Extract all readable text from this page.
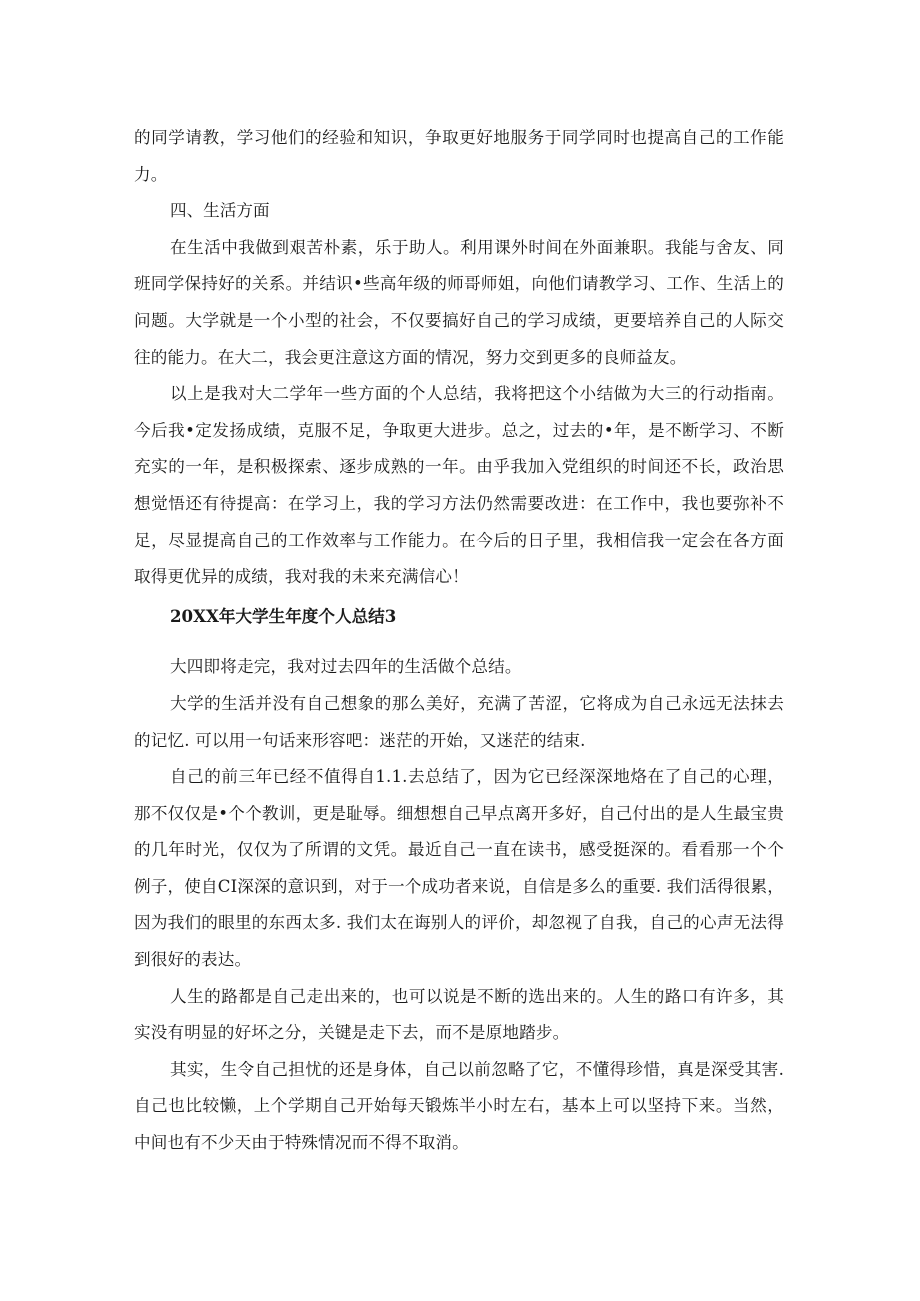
的同学请教，学习他们的经验和知识，争取更好地服务于同学同时也提高自己的工作能力。

四、生活方面

在生活中我做到艰苦朴素，乐于助人。利用课外时间在外面兼职。我能与舍友、同班同学保持好的关系。并结识•些高年级的师哥师姐，向他们请教学习、工作、生活上的问题。大学就是一个小型的社会，不仅要搞好自己的学习成绩，更要培养自己的人际交往的能力。在大二，我会更注意这方面的情况，努力交到更多的良师益友。

以上是我对大二学年一些方面的个人总结，我将把这个小结做为大三的行动指南。今后我•定发扬成绩，克服不足，争取更大进步。总之，过去的•年，是不断学习、不断充实的一年，是积极探索、逐步成熟的一年。由乎我加入党组织的时间还不长，政治思想觉悟还有待提高：在学习上，我的学习方法仍然需要改进：在工作中，我也要弥补不足，尽显提高自己的工作效率与工作能力。在今后的日子里，我相信我一定会在各方面取得更优异的成绩，我对我的未来充满信心！

20XX年大学生年度个人总结3

大四即将走完，我对过去四年的生活做个总结。

大学的生活并没有自己想象的那么美好，充满了苦涩，它将成为自己永远无法抹去的记忆. 可以用一句话来形容吧：迷茫的开始，又迷茫的结束.

自己的前三年已经不值得自1.1.去总结了，因为它已经深深地烙在了自己的心理，那不仅仅是•个个教训，更是耻辱。细想想自己早点离开多好，自己付出的是人生最宝贵的几年时光，仅仅为了所谓的文凭。最近自己一直在读书，感受挺深的。看看那一个个例子，使自CI深深的意识到，对于一个成功者来说，自信是多么的重要. 我们活得很累，因为我们的眼里的东西太多. 我们太在诲别人的评价，却忽视了自我，自己的心声无法得到很好的表达。

人生的路都是自己走出来的，也可以说是不断的选出来的。人生的路口有许多，其实没有明显的好坏之分，关键是走下去，而不是原地踏步。

其实，生令自己担忧的还是身体，自己以前忽略了它，不懂得珍惜，真是深受其害. 自己也比较懒，上个学期自己开始每天锻炼半小时左右，基本上可以坚持下来。当然，中间也有不少天由于特殊情况而不得不取消。
